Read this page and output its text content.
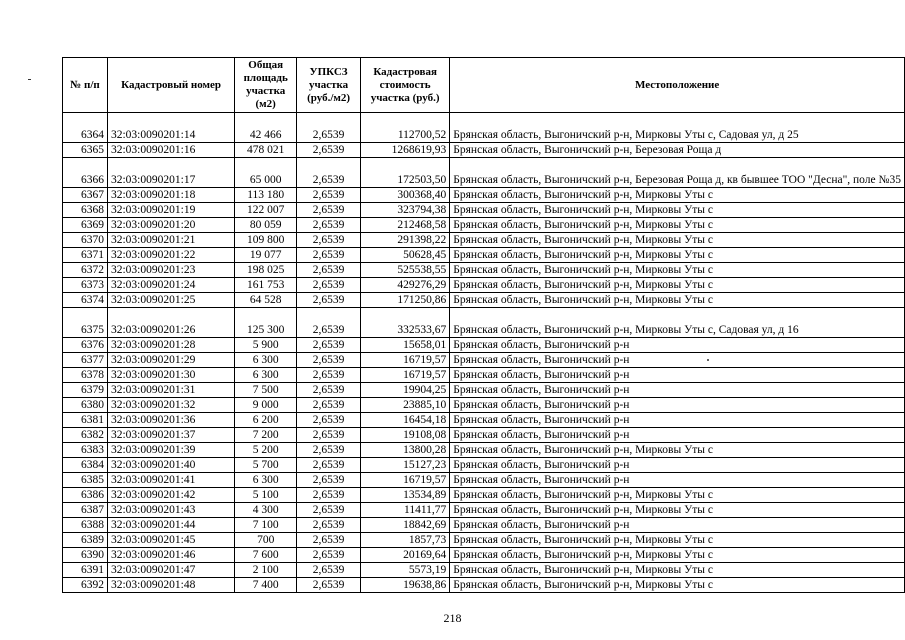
№ п/п	Кадастровый номер	Общая площадь участка (м2)	УПКСЗ участка (руб./м2)	Кадастровая стоимость участка (руб.)	Местоположение
6364	32:03:0090201:14	42 466	2,6539	112700,52	Брянская область, Выгоничский р-н, Мирковы Уты с, Садовая ул, д 25
6365	32:03:0090201:16	478 021	2,6539	1268619,93	Брянская область, Выгоничский р-н, Березовая Роща д
6366	32:03:0090201:17	65 000	2,6539	172503,50	Брянская область, Выгоничский р-н, Березовая Роща д, кв бывшее ТОО "Десна", поле №35
6367	32:03:0090201:18	113 180	2,6539	300368,40	Брянская область, Выгоничский р-н, Мирковы Уты с
6368	32:03:0090201:19	122 007	2,6539	323794,38	Брянская область, Выгоничский р-н, Мирковы Уты с
6369	32:03:0090201:20	80 059	2,6539	212468,58	Брянская область, Выгоничский р-н, Мирковы Уты с
6370	32:03:0090201:21	109 800	2,6539	291398,22	Брянская область, Выгоничский р-н, Мирковы Уты с
6371	32:03:0090201:22	19 077	2,6539	50628,45	Брянская область, Выгоничский р-н, Мирковы Уты с
6372	32:03:0090201:23	198 025	2,6539	525538,55	Брянская область, Выгоничский р-н, Мирковы Уты с
6373	32:03:0090201:24	161 753	2,6539	429276,29	Брянская область, Выгоничский р-н, Мирковы Уты с
6374	32:03:0090201:25	64 528	2,6539	171250,86	Брянская область, Выгоничский р-н, Мирковы Уты с
6375	32:03:0090201:26	125 300	2,6539	332533,67	Брянская область, Выгоничский р-н, Мирковы Уты с, Садовая ул, д 16
6376	32:03:0090201:28	5 900	2,6539	15658,01	Брянская область, Выгоничский р-н
6377	32:03:0090201:29	6 300	2,6539	16719,57	Брянская область, Выгоничский р-н
6378	32:03:0090201:30	6 300	2,6539	16719,57	Брянская область, Выгоничский р-н
6379	32:03:0090201:31	7 500	2,6539	19904,25	Брянская область, Выгоничский р-н
6380	32:03:0090201:32	9 000	2,6539	23885,10	Брянская область, Выгоничский р-н
6381	32:03:0090201:36	6 200	2,6539	16454,18	Брянская область, Выгоничский р-н
6382	32:03:0090201:37	7 200	2,6539	19108,08	Брянская область, Выгоничский р-н
6383	32:03:0090201:39	5 200	2,6539	13800,28	Брянская область, Выгоничский р-н, Мирковы Уты с
6384	32:03:0090201:40	5 700	2,6539	15127,23	Брянская область, Выгоничский р-н
6385	32:03:0090201:41	6 300	2,6539	16719,57	Брянская область, Выгоничский р-н
6386	32:03:0090201:42	5 100	2,6539	13534,89	Брянская область, Выгоничский р-н, Мирковы Уты с
6387	32:03:0090201:43	4 300	2,6539	11411,77	Брянская область, Выгоничский р-н, Мирковы Уты с
6388	32:03:0090201:44	7 100	2,6539	18842,69	Брянская область, Выгоничский р-н
6389	32:03:0090201:45	700	2,6539	1857,73	Брянская область, Выгоничский р-н, Мирковы Уты с
6390	32:03:0090201:46	7 600	2,6539	20169,64	Брянская область, Выгоничский р-н, Мирковы Уты с
6391	32:03:0090201:47	2 100	2,6539	5573,19	Брянская область, Выгоничский р-н, Мирковы Уты с
6392	32:03:0090201:48	7 400	2,6539	19638,86	Брянская область, Выгоничский р-н, Мирковы Уты с
218
